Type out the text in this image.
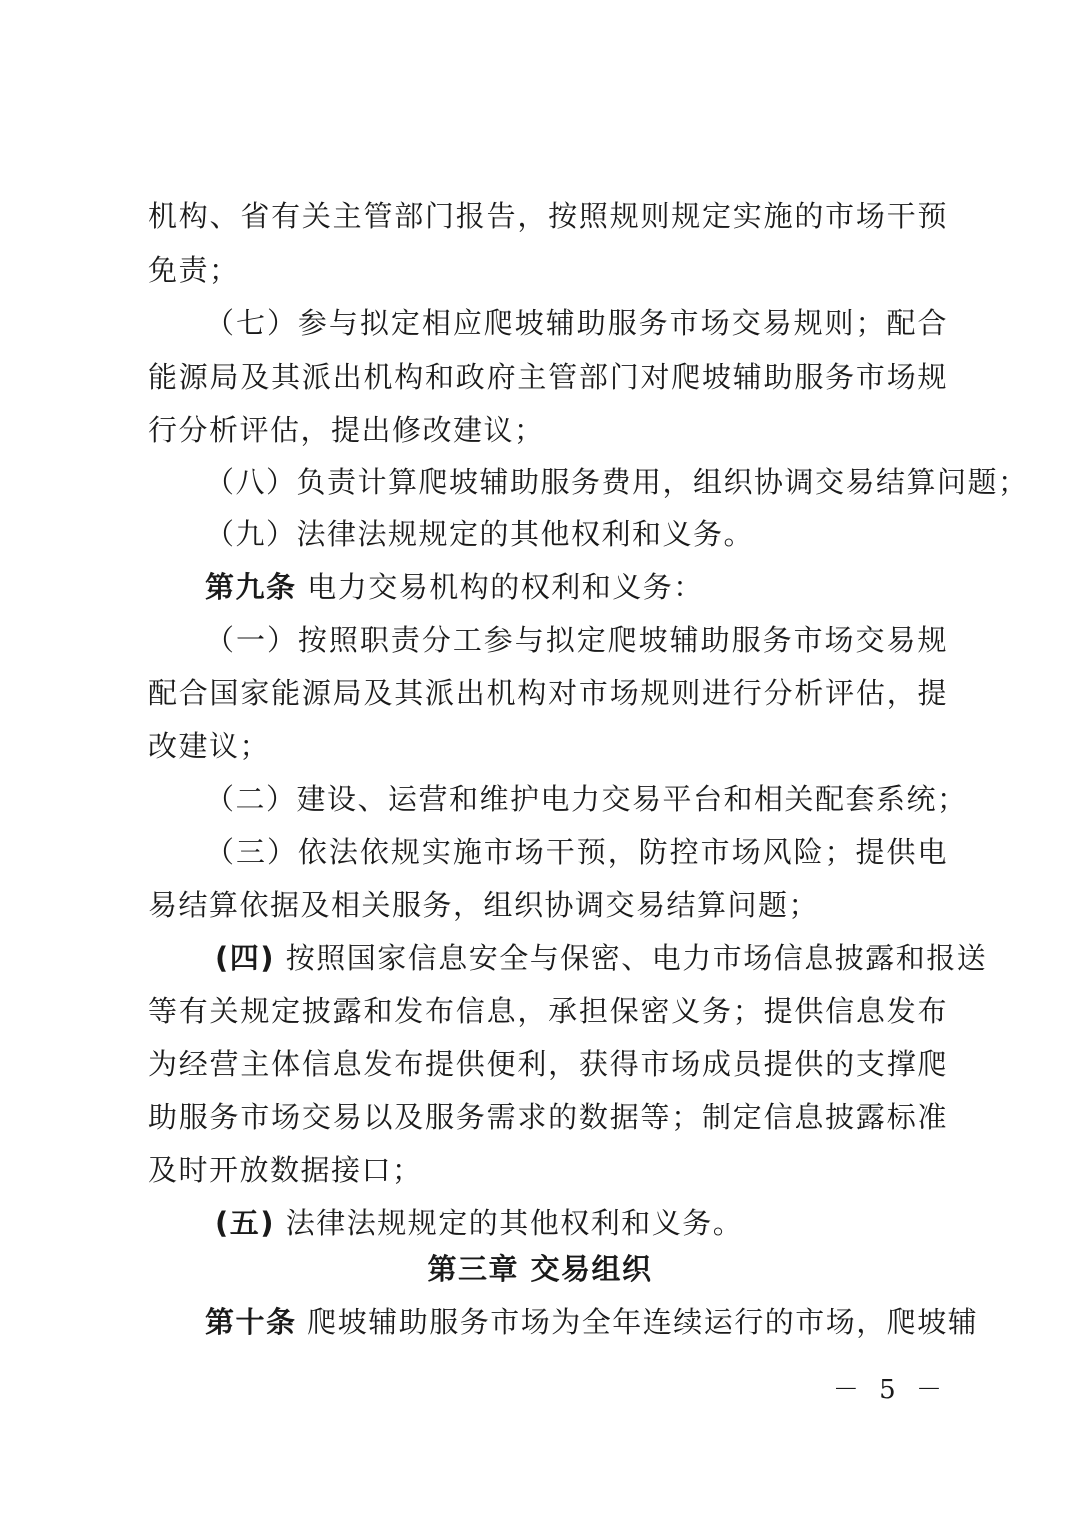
机构、省有关主管部门报告，按照规则规定实施的市场干预
免责；
（七）参与拟定相应爬坡辅助服务市场交易规则；配合
能源局及其派出机构和政府主管部门对爬坡辅助服务市场规
行分析评估，提出修改建议；
（八）负责计算爬坡辅助服务费用，组织协调交易结算问题；
（九）法律法规规定的其他权利和义务。
第九条 电力交易机构的权利和义务：
（一）按照职责分工参与拟定爬坡辅助服务市场交易规
配合国家能源局及其派出机构对市场规则进行分析评估，提
改建议；
（二）建设、运营和维护电力交易平台和相关配套系统；
（三）依法依规实施市场干预，防控市场风险；提供电
易结算依据及相关服务，组织协调交易结算问题；
(四) 按照国家信息安全与保密、电力市场信息披露和报送
等有关规定披露和发布信息，承担保密义务；提供信息发布
为经营主体信息发布提供便利，获得市场成员提供的支撑爬
助服务市场交易以及服务需求的数据等；制定信息披露标准
及时开放数据接口；
(五) 法律法规规定的其他权利和义务。
第三章 交易组织
第十条 爬坡辅助服务市场为全年连续运行的市场，爬坡辅
－ 5 －
